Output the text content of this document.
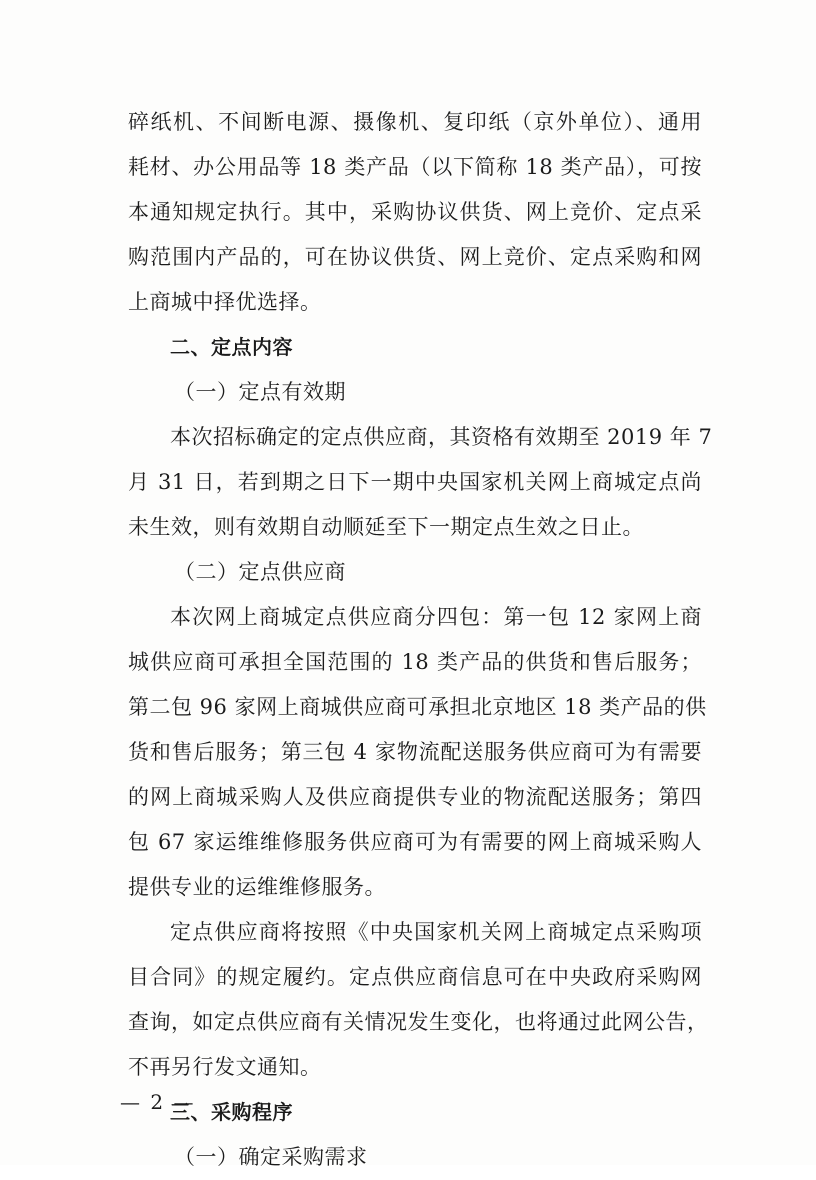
碎纸机、不间断电源、摄像机、复印纸（京外单位）、通用
耗材、办公用品等 18 类产品（以下简称 18 类产品），可按
本通知规定执行。其中，采购协议供货、网上竞价、定点采
购范围内产品的，可在协议供货、网上竞价、定点采购和网
上商城中择优选择。
二、定点内容
（一）定点有效期
本次招标确定的定点供应商，其资格有效期至 2019 年 7
月 31 日，若到期之日下一期中央国家机关网上商城定点尚
未生效，则有效期自动顺延至下一期定点生效之日止。
（二）定点供应商
本次网上商城定点供应商分四包：第一包 12 家网上商
城供应商可承担全国范围的 18 类产品的供货和售后服务；
第二包 96 家网上商城供应商可承担北京地区 18 类产品的供
货和售后服务；第三包 4 家物流配送服务供应商可为有需要
的网上商城采购人及供应商提供专业的物流配送服务；第四
包 67 家运维维修服务供应商可为有需要的网上商城采购人
提供专业的运维维修服务。
定点供应商将按照《中央国家机关网上商城定点采购项
目合同》的规定履约。定点供应商信息可在中央政府采购网
查询，如定点供应商有关情况发生变化，也将通过此网公告，
不再另行发文通知。
三、采购程序
（一）确定采购需求
— 2 —
